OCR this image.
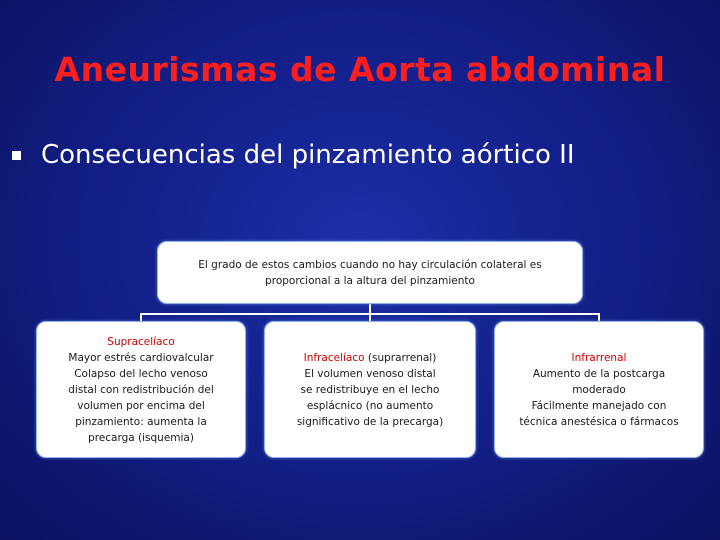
Aneurismas de Aorta abdominal
Consecuencias del pinzamiento aórtico II
El grado de estos cambios cuando no hay circulación colateral es
proporcional a la altura del pinzamiento
Supracelíaco
Mayor estrés cardiovalcular
Colapso del lecho venoso
distal con redistribución del
volumen por encima del
pinzamiento: aumenta la
precarga (isquemia)
Infracelíaco (suprarrenal)
El volumen venoso distal
se redistribuye en el lecho
esplácnico (no aumento
significativo de la precarga)
Infrarrenal
Aumento de la postcarga
moderado
Fácilmente manejado con
técnica anestésica o fármacos
